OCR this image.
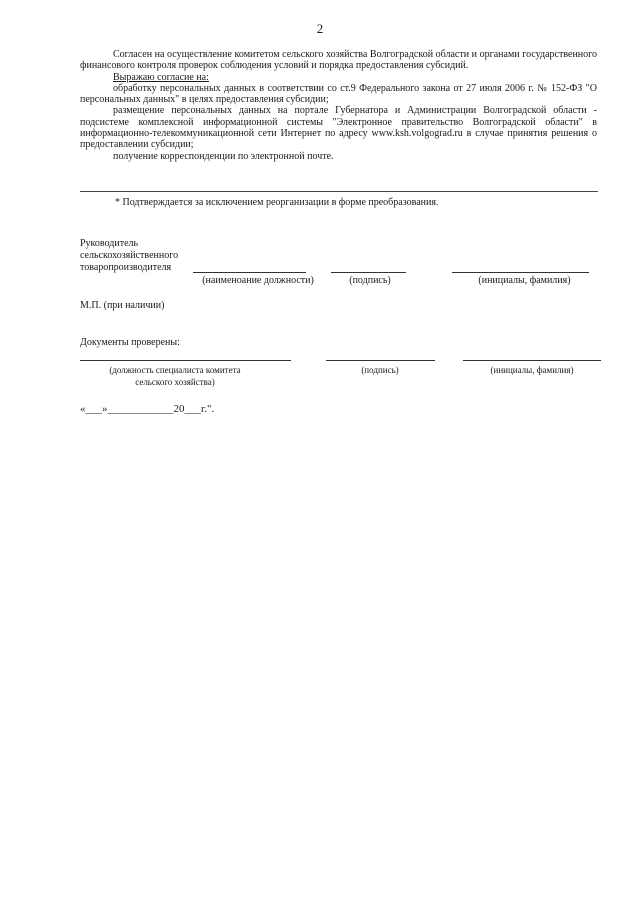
2

Согласен на осуществление комитетом сельского хозяйства Волгоградской области и органами государственного финансового контроля проверок соблюдения условий и порядка предоставления субсидий.

Выражаю согласие на:

обработку персональных данных в соответствии со ст.9 Федерального закона от 27 июля 2006 г. № 152-ФЗ "О персональных данных" в целях предоставления субсидии;

размещение персональных данных на портале Губернатора и Администрации Волгоградской области - подсистеме комплексной информационной системы "Электронное правительство Волгоградской области" в информационно-телекоммуникационной сети Интернет по адресу www.ksh.volgograd.ru в случае принятия решения о предоставлении субсидии;

получение корреспонденции по электронной почте.

* Подтверждается за исключением реорганизации в форме преобразования.
Руководитель
сельскохозяйственного
товаропроизводителя
(наименоание должности)	(подпись)	(инициалы, фамилия)
М.П. (при наличии)
Документы проверены:
(должность специалиста комитета
сельского хозяйства)
(подпись)	(инициалы, фамилия)
«___»____________20___г.".
